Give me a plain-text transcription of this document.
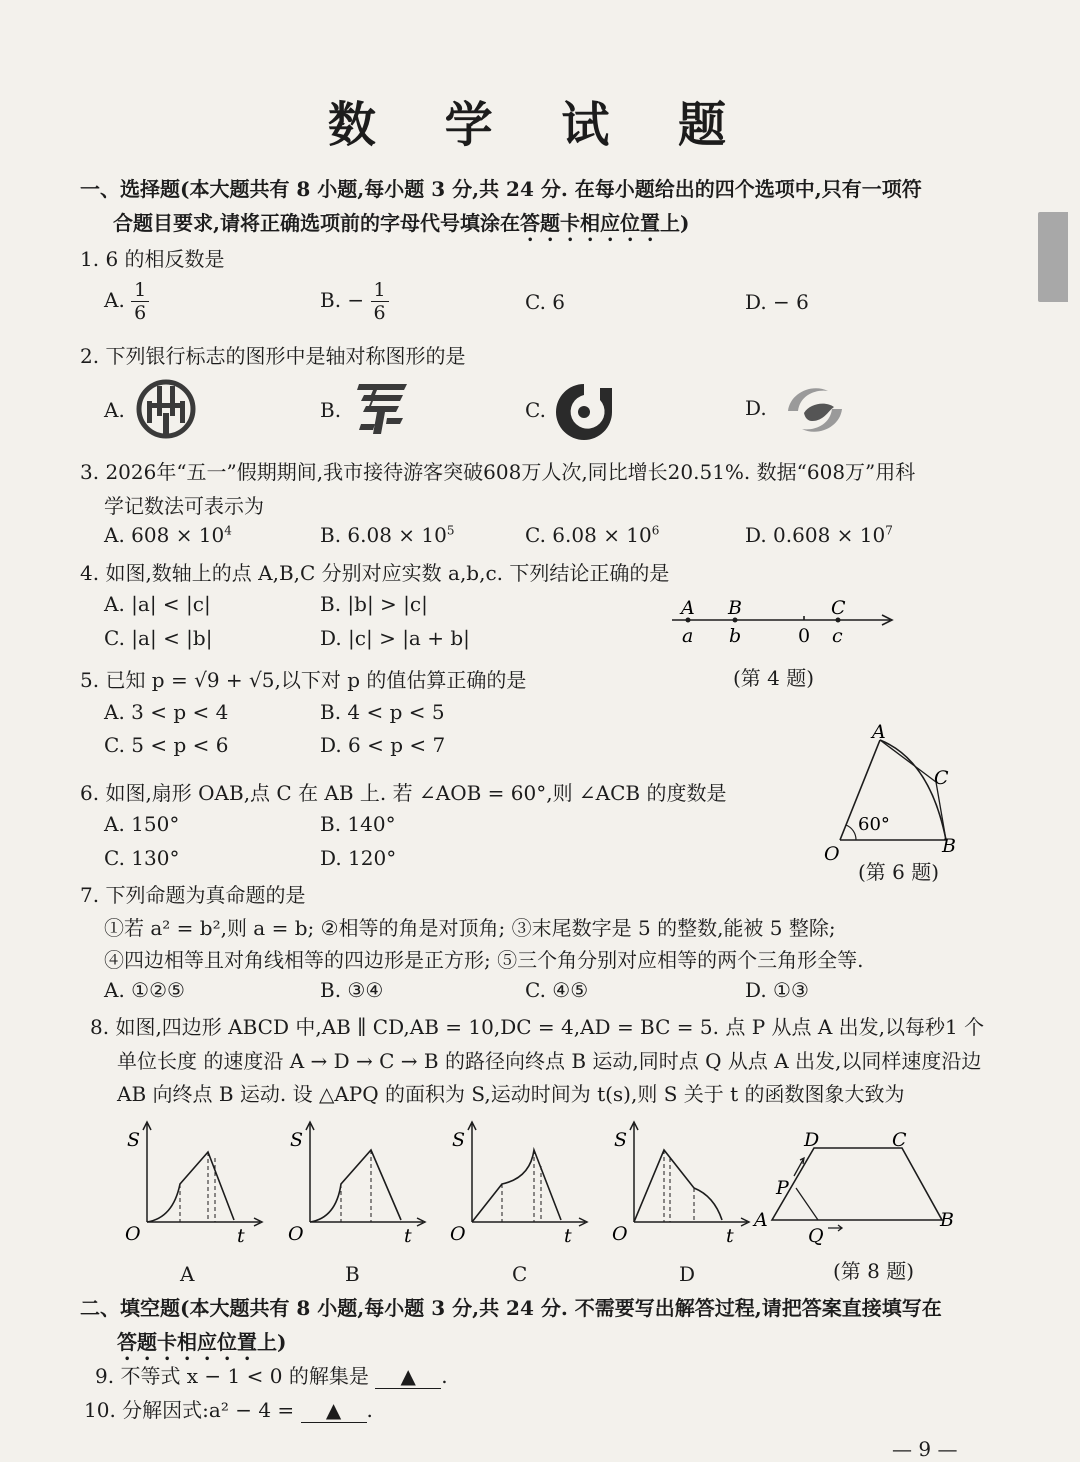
数 学 试 题
一、选择题(本大题共有 8 小题,每小题 3 分,共 24 分. 在每小题给出的四个选项中,只有一项符
合题目要求,请将正确选项前的字母代号填涂在答题卡相应位置上)
1. 6 的相反数是
A. $\frac{1}{6}$	B. − $\frac{1}{6}$	C. 6	D. − 6
2. 下列银行标志的图形中是轴对称图形的是
A.	B.	C.	D.
3. 2026年“五一”假期期间,我市接待游客突破608万人次,同比增长20.51%. 数据“608万”用科
学记数法可表示为
A. $608 \times 10^4$	B. $6.08 \times 10^5$	C. $6.08 \times 10^6$	D. $0.608 \times 10^7$
4. 如图,数轴上的点 A,B,C 分别对应实数 a,b,c. 下列结论正确的是
A. |a| < |c|	B. |b| > |c|
C. |a| < |b|	D. |c| > |a + b|
A B	C
a b	0 c
(第 4 题)
5. 已知 p = √9 + √5,以下对 p 的值估算正确的是
A. 3 < p < 4	B. 4 < p < 5
C. 5 < p < 6	D. 6 < p < 7
6. 如图,扇形 OAB,点 C 在 AB 上. 若 ∠AOB = 60°,则 ∠ACB 的度数是
A. 150°	B. 140°
C. 130°	D. 120°
A
C
B
O
60°
(第 6 题)
7. 下列命题为真命题的是
①若 a² = b²,则 a = b; ②相等的角是对顶角; ③末尾数字是 5 的整数,能被 5 整除;
④四边相等且对角线相等的四边形是正方形; ⑤三个角分别对应相等的两个三角形全等.
A. ①②⑤	B. ③④	C. ④⑤	D. ①③
8. 如图,四边形 ABCD 中,AB ∥ CD,AB = 10,DC = 4,AD = BC = 5. 点 P 从点 A 出发,以每秒1 个
单位长度 的速度沿 A → D → C → B 的路径向终点 B 运动,同时点 Q 从点 A 出发,以同样速度沿边
AB 向终点 B 运动. 设 △APQ 的面积为 S,运动时间为 t(s),则 S 关于 t 的函数图象大致为
S
O	t
A
S
O	t
B
S
O	t
C
S
O	t
D
D	C
P
A
Q
B
(第 8 题)
二、填空题(本大题共有 8 小题,每小题 3 分,共 24 分. 不需要写出解答过程,请把答案直接填写在
答题卡相应位置上)
9. 不等式 x − 1 < 0 的解集是 ▲ .
10. 分解因式:a² − 4 = ▲ .
— 9 —
